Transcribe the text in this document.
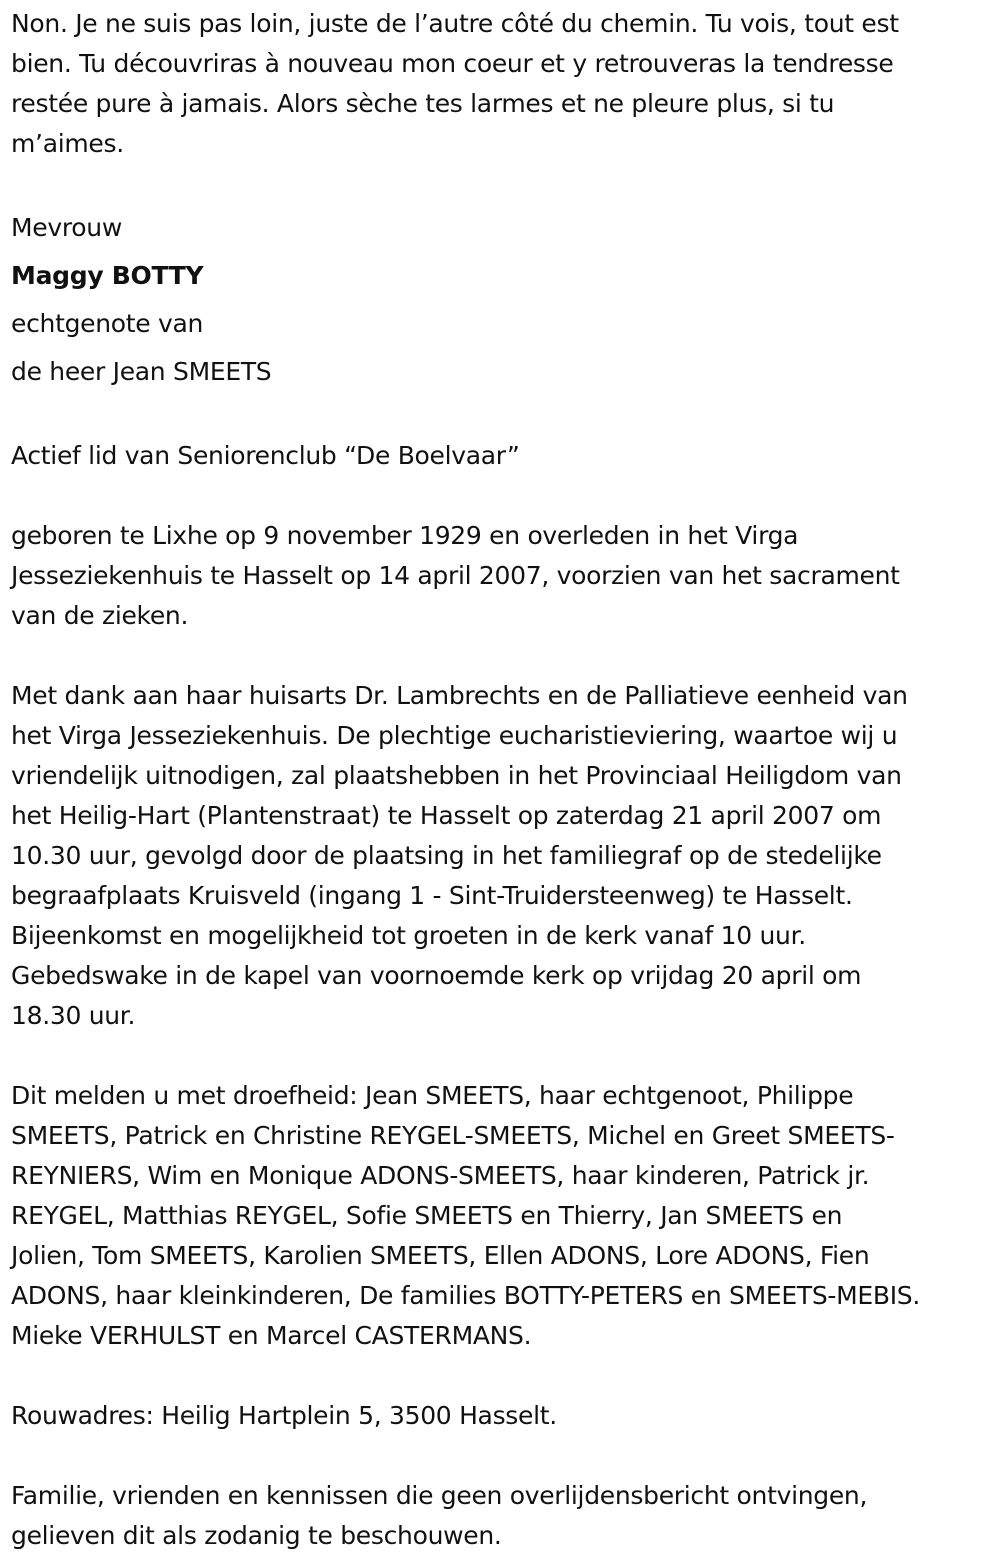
Non. Je ne suis pas loin, juste de l’autre côté du chemin. Tu vois, tout est
bien. Tu découvriras à nouveau mon coeur et y retrouveras la tendresse
restée pure à jamais. Alors sèche tes larmes et ne pleure plus, si tu
m’aimes.

Mevrouw
Maggy BOTTY
echtgenote van
de heer Jean SMEETS

Actief lid van Seniorenclub “De Boelvaar”

geboren te Lixhe op 9 november 1929 en overleden in het Virga
Jesseziekenhuis te Hasselt op 14 april 2007, voorzien van het sacrament
van de zieken.

Met dank aan haar huisarts Dr. Lambrechts en de Palliatieve eenheid van
het Virga Jesseziekenhuis. De plechtige eucharistieviering, waartoe wij u
vriendelijk uitnodigen, zal plaatshebben in het Provinciaal Heiligdom van
het Heilig-Hart (Plantenstraat) te Hasselt op zaterdag 21 april 2007 om
10.30 uur, gevolgd door de plaatsing in het familiegraf op de stedelijke
begraafplaats Kruisveld (ingang 1 - Sint-Truidersteenweg) te Hasselt.
Bijeenkomst en mogelijkheid tot groeten in de kerk vanaf 10 uur.
Gebedswake in de kapel van voornoemde kerk op vrijdag 20 april om
18.30 uur.

Dit melden u met droefheid: Jean SMEETS, haar echtgenoot, Philippe
SMEETS, Patrick en Christine REYGEL-SMEETS, Michel en Greet SMEETS-
REYNIERS, Wim en Monique ADONS-SMEETS, haar kinderen, Patrick jr.
REYGEL, Matthias REYGEL, Sofie SMEETS en Thierry, Jan SMEETS en
Jolien, Tom SMEETS, Karolien SMEETS, Ellen ADONS, Lore ADONS, Fien
ADONS, haar kleinkinderen, De families BOTTY-PETERS en SMEETS-MEBIS.
Mieke VERHULST en Marcel CASTERMANS.

Rouwadres: Heilig Hartplein 5, 3500 Hasselt.

Familie, vrienden en kennissen die geen overlijdensbericht ontvingen,
gelieven dit als zodanig te beschouwen.
